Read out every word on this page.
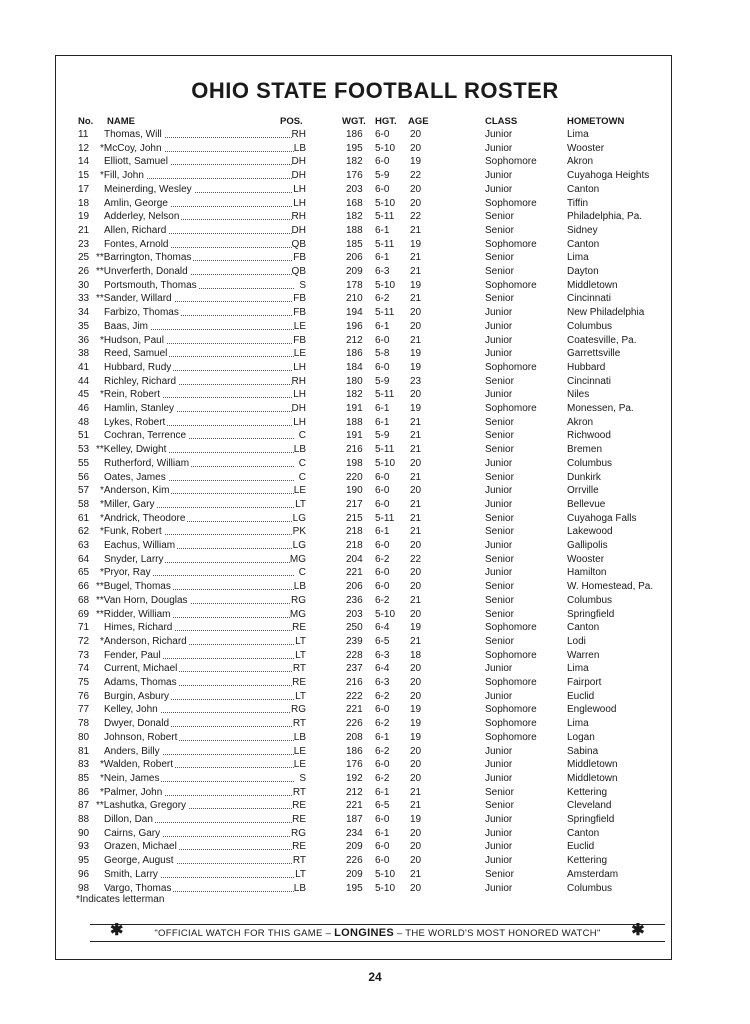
OHIO STATE FOOTBALL ROSTER
No. NAME	POS.	WGT. HGT. AGE	CLASS	HOMETOWN
11	Thomas, Will	RH	186 6-0 20	Junior	Lima
12	*McCoy, John	LB	195 5-10 20	Junior	Wooster
14	Elliott, Samuel	DH	182 6-0 19	Sophomore	Akron
15	*Fill, John	DH	176 5-9 22	Junior	Cuyahoga Heights
17	Meinerding, Wesley	LH	203 6-0 20	Junior	Canton
18	Amlin, George	LH	168 5-10 20	Sophomore	Tiffin
19	Adderley, Nelson	RH	182 5-11 22	Senior	Philadelphia, Pa.
21	Allen, Richard	DH	188 6-1 21	Senior	Sidney
23	Fontes, Arnold	QB	185 5-11 19	Sophomore	Canton
25 **Barrington, Thomas	FB	206 6-1 21	Senior	Lima
26 **Unverferth, Donald	QB	209 6-3 21	Senior	Dayton
30	Portsmouth, Thomas	S	178 5-10 19	Sophomore	Middletown
33 **Sander, Willard	FB	210 6-2 21	Senior	Cincinnati
34	Farbizo, Thomas	FB	194 5-11 20	Junior	New Philadelphia
35	Baas, Jim	LE	196 6-1 20	Junior	Columbus
36	*Hudson, Paul	FB	212 6-0 21	Junior	Coatesville, Pa.
38	Reed, Samuel	LE	186 5-8 19	Junior	Garrettsville
41	Hubbard, Rudy	LH	184 6-0 19	Sophomore	Hubbard
44	Richley, Richard	RH	180 5-9 23	Senior	Cincinnati
45	*Rein, Robert	LH	182 5-11 20	Junior	Niles
46	Hamlin, Stanley	DH	191 6-1 19	Sophomore	Monessen, Pa.
48	Lykes, Robert	LH	188 6-1 21	Senior	Akron
51	Cochran, Terrence	C	191 5-9 21	Senior	Richwood
53 **Kelley, Dwight	LB	216 5-11 21	Senior	Bremen
55	Rutherford, William	C	198 5-10 20	Junior	Columbus
56	Oates, James	C	220 6-0 21	Senior	Dunkirk
57	*Anderson, Kim	LE	190 6-0 20	Junior	Orrville
58	*Miller, Gary	LT	217 6-0 21	Junior	Bellevue
61	*Andrick, Theodore	LG	215 5-11 21	Senior	Cuyahoga Falls
62	*Funk, Robert	PK	218 6-1 21	Senior	Lakewood
63	Eachus, William	LG	218 6-0 20	Junior	Gallipolis
64	Snyder, Larry	MG	204 6-2 22	Senior	Wooster
65	*Pryor, Ray	C	221 6-0 20	Junior	Hamilton
66 **Bugel, Thomas	LB	206 6-0 20	Senior	W. Homestead, Pa.
68 **Van Horn, Douglas	RG	236 6-2 21	Senior	Columbus
69 **Ridder, William	MG	203 5-10 20	Senior	Springfield
71	Himes, Richard	RE	250 6-4 19	Sophomore	Canton
72	*Anderson, Richard	LT	239 6-5 21	Senior	Lodi
73	Fender, Paul	LT	228 6-3 18	Sophomore	Warren
74	Current, Michael	RT	237 6-4 20	Junior	Lima
75	Adams, Thomas	RE	216 6-3 20	Sophomore	Fairport
76	Burgin, Asbury	LT	222 6-2 20	Junior	Euclid
77	Kelley, John	RG	221 6-0 19	Sophomore	Englewood
78	Dwyer, Donald	RT	226 6-2 19	Sophomore	Lima
80	Johnson, Robert	LB	208 6-1 19	Sophomore	Logan
81	Anders, Billy	LE	186 6-2 20	Junior	Sabina
83	*Walden, Robert	LE	176 6-0 20	Junior	Middletown
85	*Nein, James	S	192 6-2 20	Junior	Middletown
86	*Palmer, John	RT	212 6-1 21	Senior	Kettering
87 **Lashutka, Gregory	RE	221 6-5 21	Senior	Cleveland
88	Dillon, Dan	RE	187 6-0 19	Junior	Springfield
90	Cairns, Gary	RG	234 6-1 20	Junior	Canton
93	Orazen, Michael	RE	209 6-0 20	Junior	Euclid
95	George, August	RT	226 6-0 20	Junior	Kettering
96	Smith, Larry	LT	209 5-10 21	Senior	Amsterdam
98	Vargo, Thomas	LB	195 5-10 20	Junior	Columbus
*Indicates letterman
✱	"OFFICIAL WATCH FOR THIS GAME – LONGINES – THE WORLD'S MOST HONORED WATCH" ✱
24
